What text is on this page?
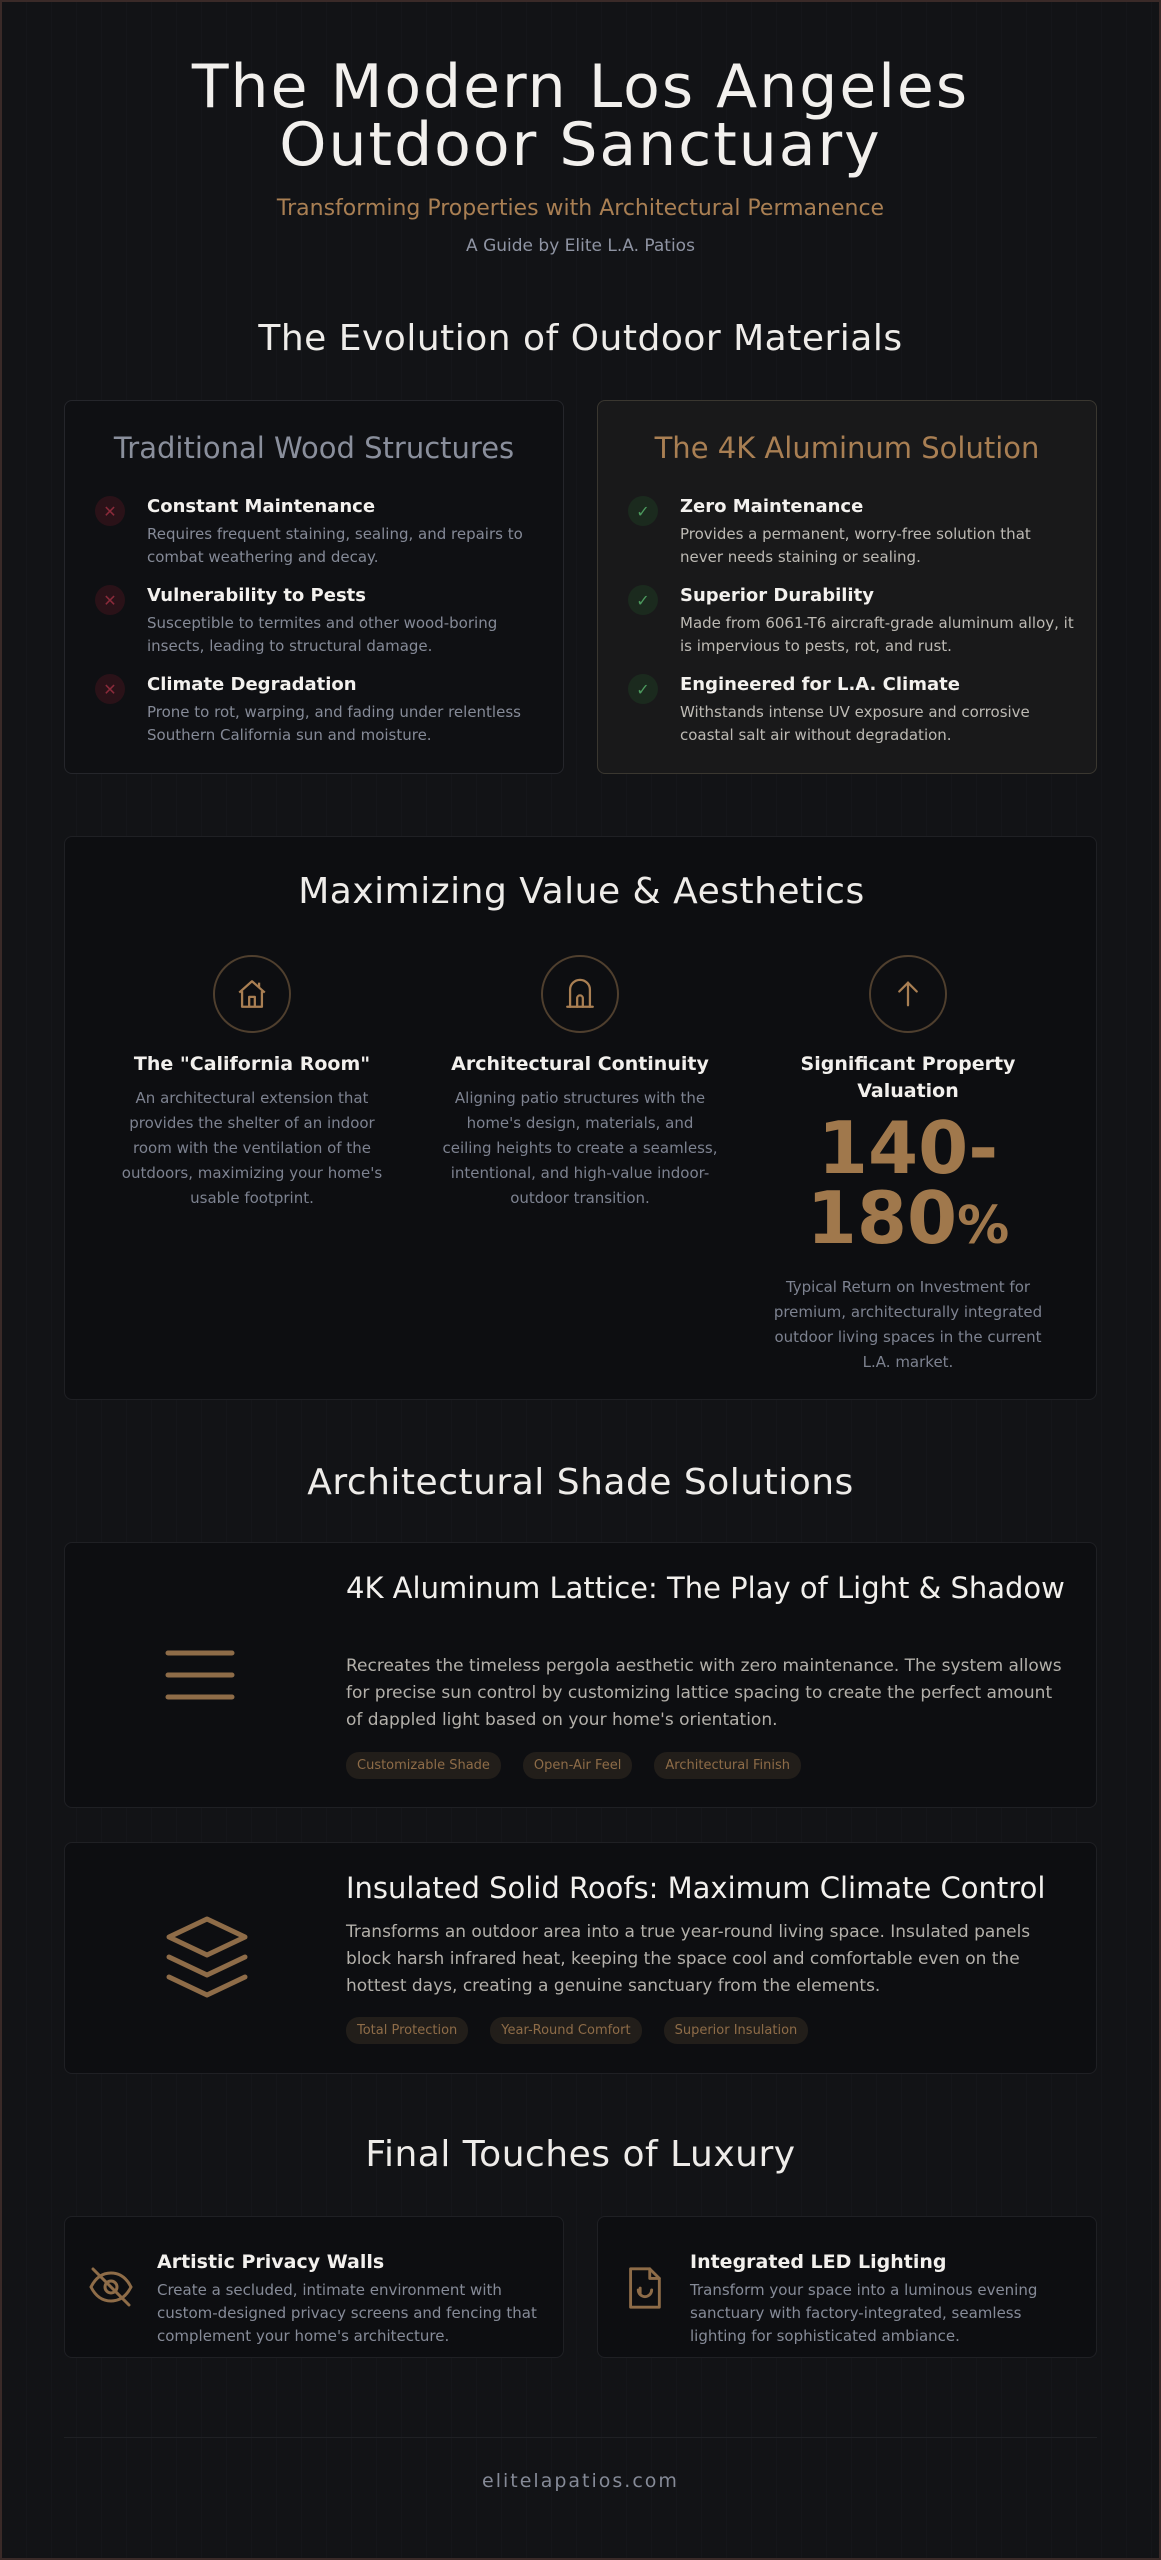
The Modern Los Angeles
Outdoor Sanctuary
Transforming Properties with Architectural Permanence
A Guide by Elite L.A. Patios
The Evolution of Outdoor Materials
Traditional Wood Structures
✕	Constant Maintenance
Requires frequent staining, sealing, and repairs to combat weathering and decay.
✕	Vulnerability to Pests
Susceptible to termites and other wood-boring insects, leading to structural damage.
✕	Climate Degradation
Prone to rot, warping, and fading under relentless Southern California sun and moisture.
The 4K Aluminum Solution
✓	Zero Maintenance
Provides a permanent, worry-free solution that never needs staining or sealing.
✓	Superior Durability
Made from 6061-T6 aircraft-grade aluminum alloy, it is impervious to pests, rot, and rust.
✓	Engineered for L.A. Climate
Withstands intense UV exposure and corrosive coastal salt air without degradation.
Maximizing Value & Aesthetics
The "California Room"
An architectural extension that provides the shelter of an indoor room with the ventilation of the outdoors, maximizing your home's usable footprint.
Architectural Continuity
Aligning patio structures with the home's design, materials, and ceiling heights to create a seamless, intentional, and high-value indoor-outdoor transition.
Significant Property Valuation
140-
180%
Typical Return on Investment for premium, architecturally integrated outdoor living spaces in the current L.A. market.
Architectural Shade Solutions
4K Aluminum Lattice: The Play of Light & Shadow
Recreates the timeless pergola aesthetic with zero maintenance. The system allows for precise sun control by customizing lattice spacing to create the perfect amount of dappled light based on your home's orientation.
Customizable Shade	Open-Air Feel	Architectural Finish
Insulated Solid Roofs: Maximum Climate Control
Transforms an outdoor area into a true year-round living space. Insulated panels block harsh infrared heat, keeping the space cool and comfortable even on the hottest days, creating a genuine sanctuary from the elements.
Total Protection	Year-Round Comfort	Superior Insulation
Final Touches of Luxury
Artistic Privacy Walls
Create a secluded, intimate environment with custom-designed privacy screens and fencing that complement your home's architecture.
Integrated LED Lighting
Transform your space into a luminous evening sanctuary with factory-integrated, seamless lighting for sophisticated ambiance.
elitelapatios.com
